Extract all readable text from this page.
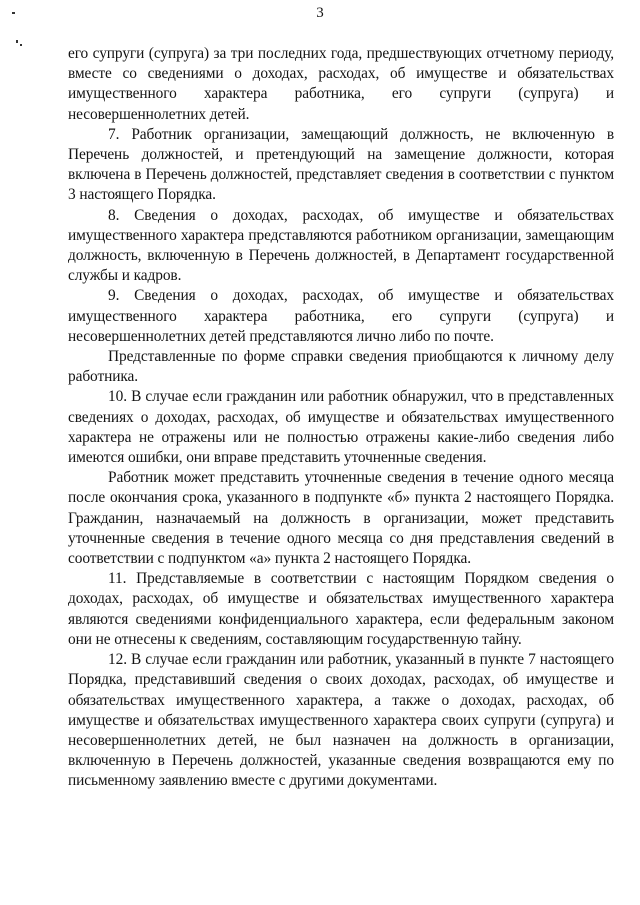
3

его супруги (супруга) за три последних года, предшествующих отчетному периоду, вместе со сведениями о доходах, расходах, об имуществе и обязательствах имущественного характера работника, его супруги (супруга) и несовершеннолетних детей.

7. Работник организации, замещающий должность, не включенную в Перечень должностей, и претендующий на замещение должности, которая включена в Перечень должностей, представляет сведения в соответствии с пунктом 3 настоящего Порядка.

8. Сведения о доходах, расходах, об имуществе и обязательствах имущественного характера представляются работником организации, замещающим должность, включенную в Перечень должностей, в Департамент государственной службы и кадров.

9. Сведения о доходах, расходах, об имуществе и обязательствах имущественного характера работника, его супруги (супруга) и несовершеннолетних детей представляются лично либо по почте.

Представленные по форме справки сведения приобщаются к личному делу работника.

10. В случае если гражданин или работник обнаружил, что в представленных сведениях о доходах, расходах, об имуществе и обязательствах имущественного характера не отражены или не полностью отражены какие-либо сведения либо имеются ошибки, они вправе представить уточненные сведения.

Работник может представить уточненные сведения в течение одного месяца после окончания срока, указанного в подпункте «б» пункта 2 настоящего Порядка. Гражданин, назначаемый на должность в организации, может представить уточненные сведения в течение одного месяца со дня представления сведений в соответствии с подпунктом «а» пункта 2 настоящего Порядка.

11. Представляемые в соответствии с настоящим Порядком сведения о доходах, расходах, об имуществе и обязательствах имущественного характера являются сведениями конфиденциального характера, если федеральным законом они не отнесены к сведениям, составляющим государственную тайну.

12. В случае если гражданин или работник, указанный в пункте 7 настоящего Порядка, представивший сведения о своих доходах, расходах, об имуществе и обязательствах имущественного характера, а также о доходах, расходах, об имуществе и обязательствах имущественного характера своих супруги (супруга) и несовершеннолетних детей, не был назначен на должность в организации, включенную в Перечень должностей, указанные сведения возвращаются ему по письменному заявлению вместе с другими документами.
